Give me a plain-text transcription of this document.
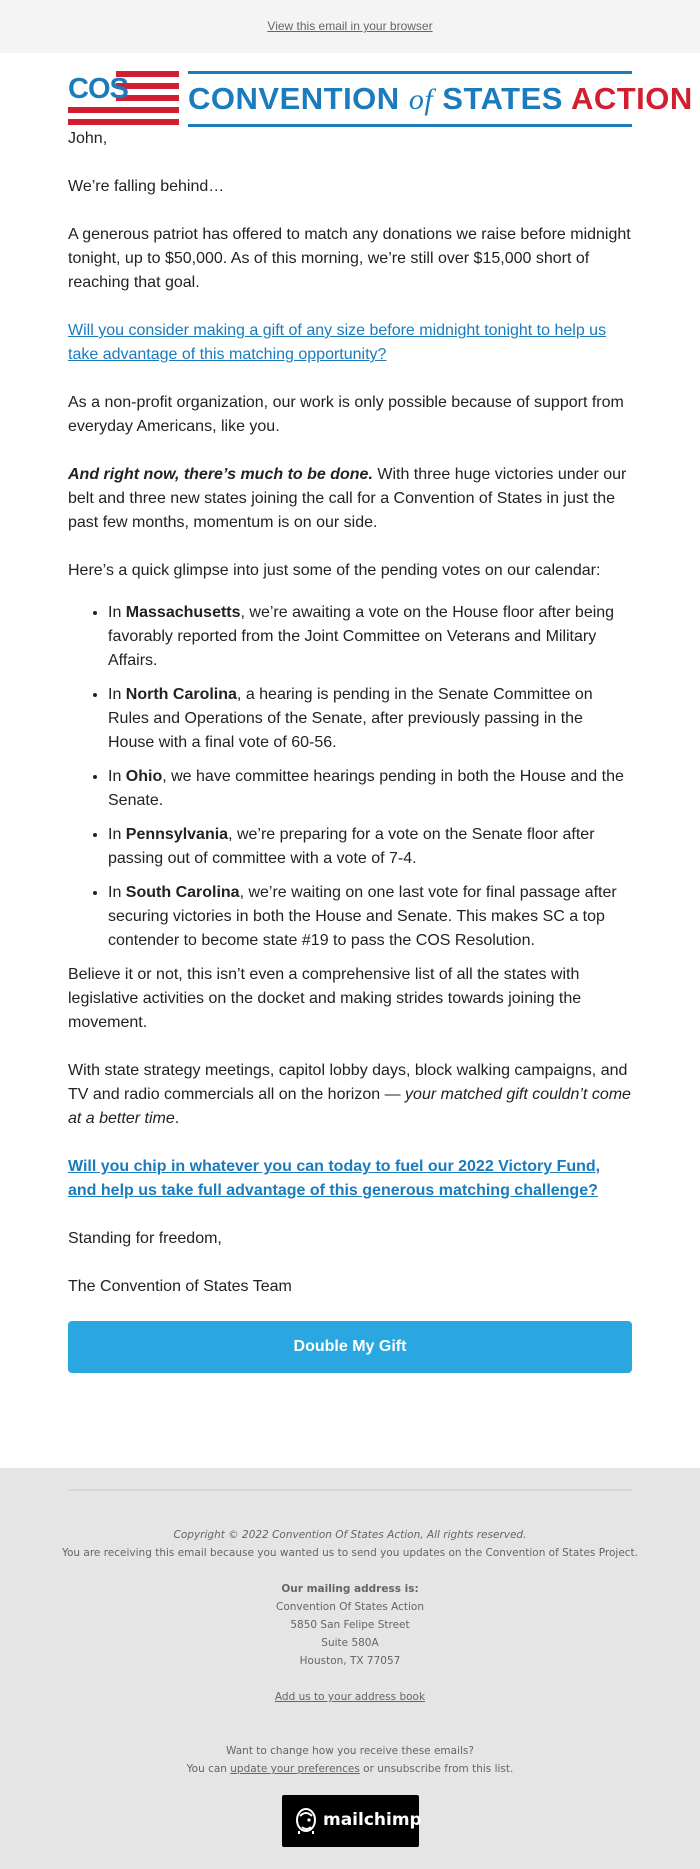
View this email in your browser
COS CONVENTION of STATES ACTION

John,

We’re falling behind…

A generous patriot has offered to match any donations we raise before midnight tonight, up to $50,000. As of this morning, we’re still over $15,000 short of reaching that goal.

Will you consider making a gift of any size before midnight tonight to help us take advantage of this matching opportunity?

As a non-profit organization, our work is only possible because of support from everyday Americans, like you.

And right now, there’s much to be done. With three huge victories under our belt and three new states joining the call for a Convention of States in just the past few months, momentum is on our side.

Here’s a quick glimpse into just some of the pending votes on our calendar:

• In Massachusetts, we’re awaiting a vote on the House floor after being favorably reported from the Joint Committee on Veterans and Military Affairs.
• In North Carolina, a hearing is pending in the Senate Committee on Rules and Operations of the Senate, after previously passing in the House with a final vote of 60-56.
• In Ohio, we have committee hearings pending in both the House and the Senate.
• In Pennsylvania, we’re preparing for a vote on the Senate floor after passing out of committee with a vote of 7-4.
• In South Carolina, we’re waiting on one last vote for final passage after securing victories in both the House and Senate. This makes SC a top contender to become state #19 to pass the COS Resolution.

Believe it or not, this isn’t even a comprehensive list of all the states with legislative activities on the docket and making strides towards joining the movement.

With state strategy meetings, capitol lobby days, block walking campaigns, and TV and radio commercials all on the horizon — your matched gift couldn’t come at a better time.

Will you chip in whatever you can today to fuel our 2022 Victory Fund, and help us take full advantage of this generous matching challenge?

Standing for freedom,

The Convention of States Team

Double My Gift
Copyright © 2022 Convention Of States Action, All rights reserved.
You are receiving this email because you wanted us to send you updates on the Convention of States Project.
Our mailing address is:
Convention Of States Action
5850 San Felipe Street
Suite 580A
Houston, TX 77057
Add us to your address book
Want to change how you receive these emails?
You can update your preferences or unsubscribe from this list.
mailchimp
